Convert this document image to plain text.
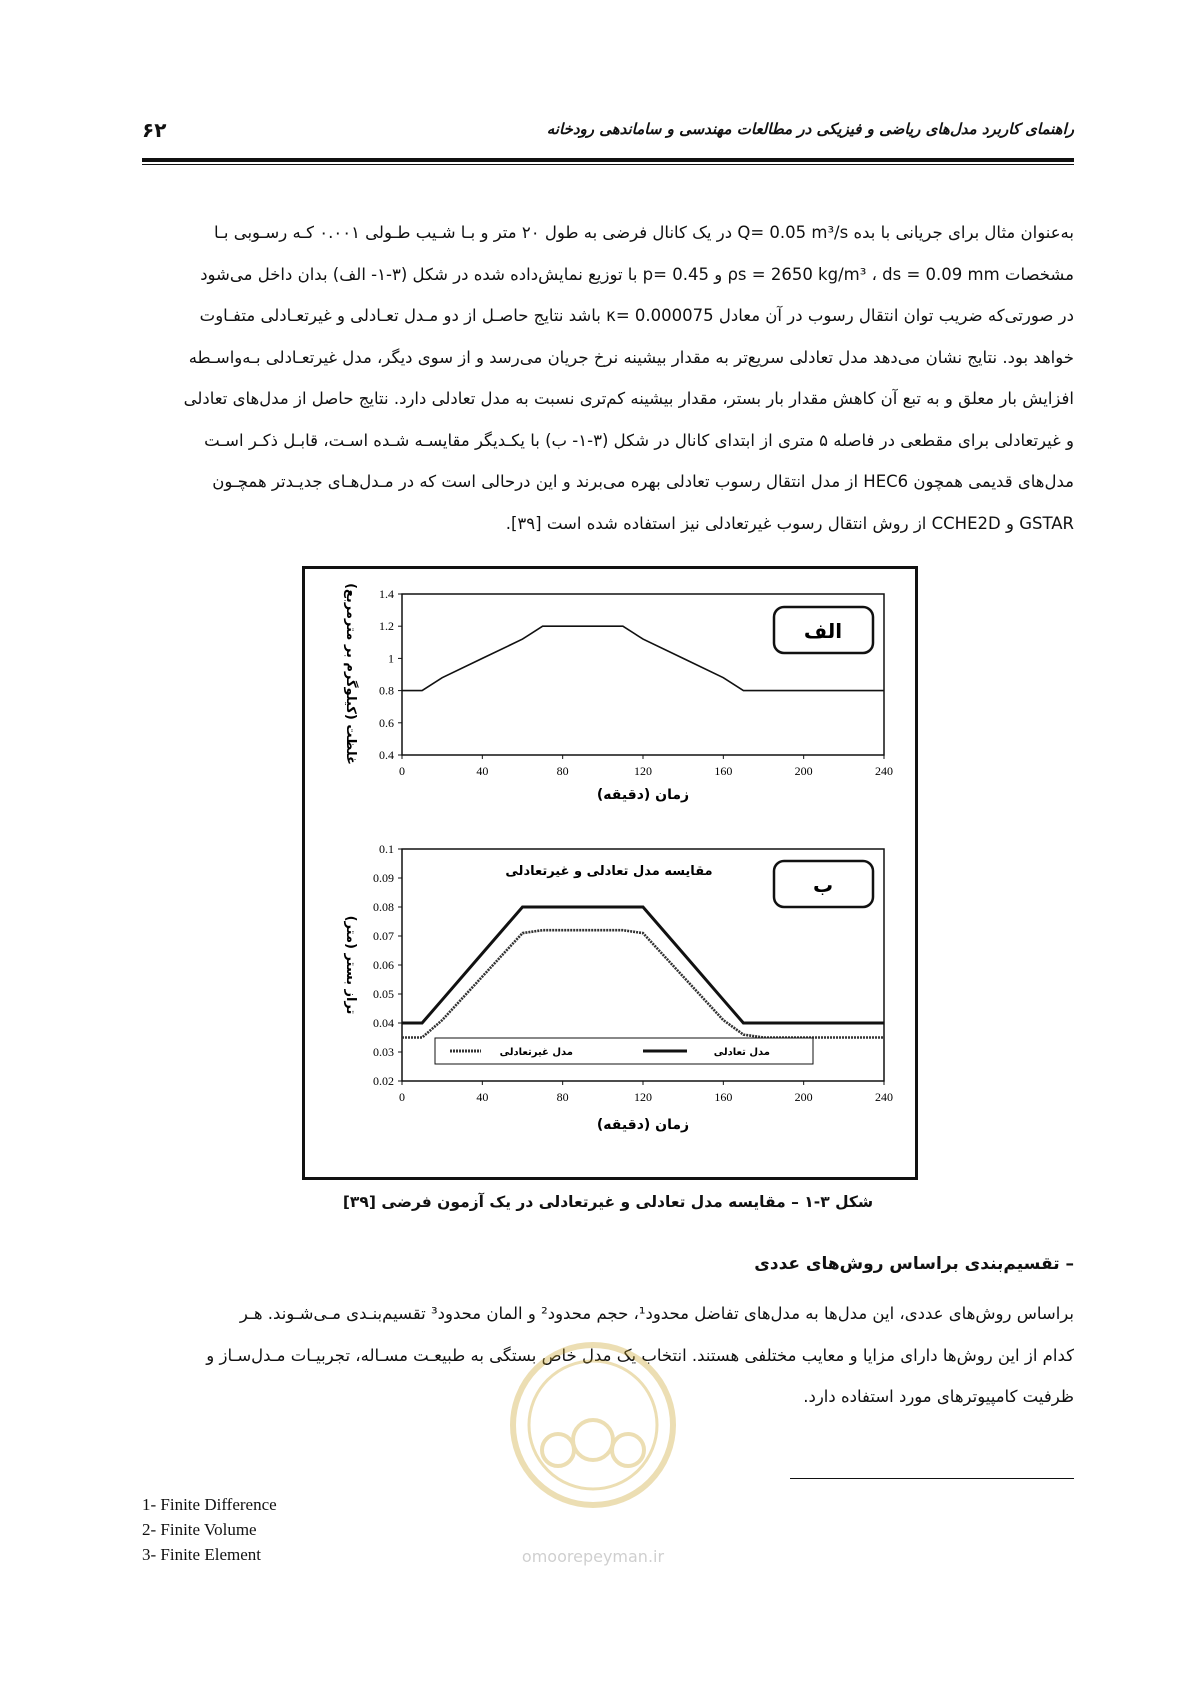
۶۲	راهنمای کاربرد مدل‌های ریاضی و فیزیکی در مطالعات مهندسی و ساماندهی رودخانه
به‌عنوان مثال برای جریانی با بده Q= 0.05 m³/s در یک کانال فرضی به طول ۲۰ متر و بـا شـیب طـولی ۰.۰۰۱ کـه رسـوبی بـا
مشخصات ρs = 2650 kg/m³ ، ds = 0.09 mm و p= 0.45 با توزیع نمایش‌داده شده در شکل (۳-۱- الف) بدان داخل می‌شود
در صورتی‌که ضریب توان انتقال رسوب در آن معادل κ= 0.000075 باشد نتایج حاصـل از دو مـدل تعـادلی و غیرتعـادلی متفـاوت
خواهد بود. نتایج نشان می‌دهد مدل تعادلی سریع‌تر به مقدار بیشینه نرخ جریان می‌رسد و از سوی دیگر، مدل غیرتعـادلی بـه‌واسـطه
افزایش بار معلق و به تبع آن کاهش مقدار بار بستر، مقدار بیشینه کم‌تری نسبت به مدل تعادلی دارد. نتایج حاصل از مدل‌های تعادلی
و غیرتعادلی برای مقطعی در فاصله ۵ متری از ابتدای کانال در شکل (۳-۱- ب) با یکـدیگر مقایسـه شـده اسـت، قابـل ذکـر اسـت
مدل‌های قدیمی همچون HEC6 از مدل انتقال رسوب تعادلی بهره می‌برند و این درحالی است که در مـدل‌هـای جدیـدتر همچـون
GSTAR و CCHE2D از روش انتقال رسوب غیرتعادلی نیز استفاده شده است [۳۹].
1.4
1.2
1
0.8
0.6
0.4
0	40	80	120	160	200	240
الف
غلظت (کیلوگرم بر مترمربع)
زمان (دقیقه)
0.1
0.09
0.08
0.07
0.06
0.05
0.04
0.03
0.02
0	40	80	120	160	200	240
ب
مقایسه مدل تعادلی و غیرتعادلی
مدل غیرتعادلی	مدل تعادلی
تراز بستر (متر)
زمان (دقیقه)
شکل ۳-۱ – مقایسه مدل تعادلی و غیرتعادلی در یک آزمون فرضی [۳۹]
– تقسیم‌بندی براساس روش‌های عددی
براساس روش‌های عددی، این مدل‌ها به مدل‌های تفاضل محدود¹، حجم محدود² و المان محدود³ تقسیم‌بنـدی مـی‌شـوند. هـر
کدام از این روش‌ها دارای مزایا و معایب مختلفی هستند. انتخاب یک مدل خاص بستگی به طبیعـت مسـاله، تجربیـات مـدل‌سـاز و
ظرفیت کامپیوترهای مورد استفاده دارد.
omoorepeyman.ir
1- Finite Difference
2- Finite Volume
3- Finite Element
